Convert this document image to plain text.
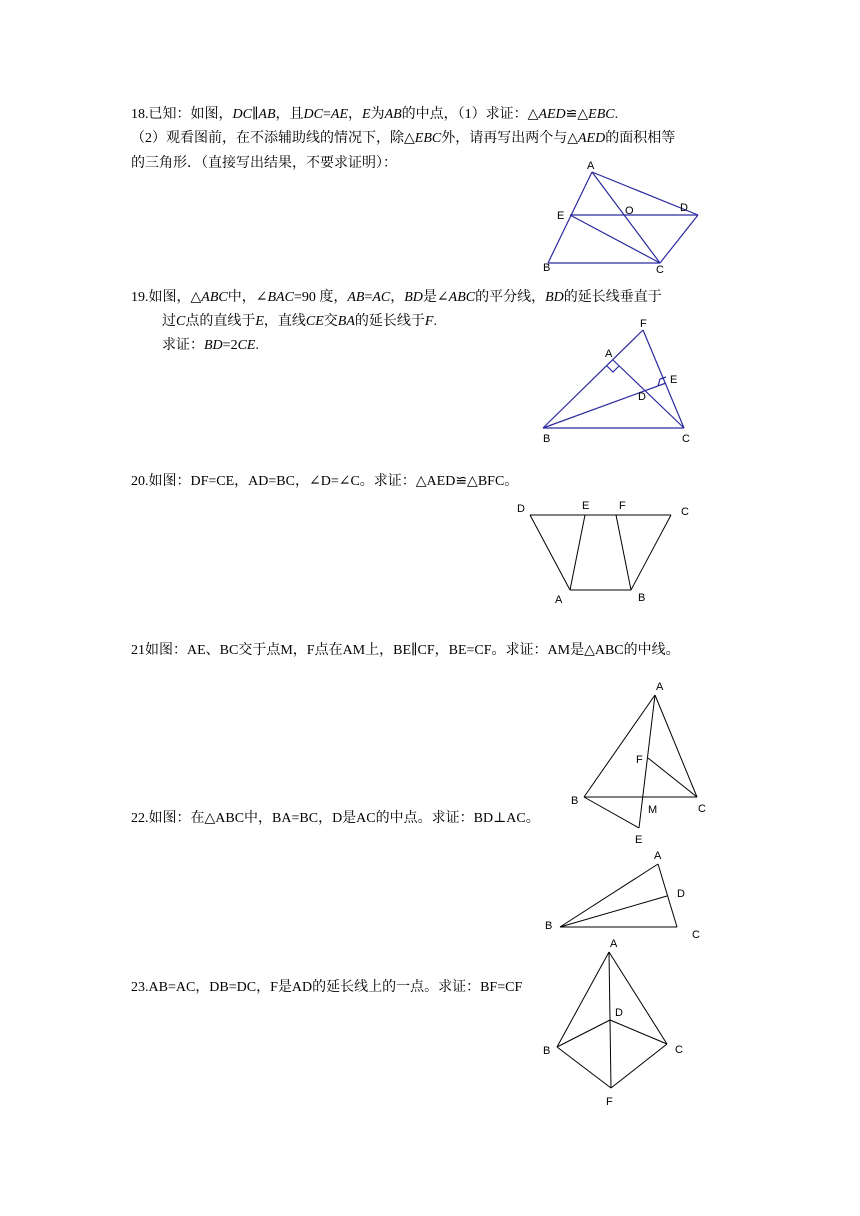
18.已知：如图，DC∥AB，且DC=AE，E为AB的中点，（1）求证：△AED≌△EBC.
（2）观看图前，在不添辅助线的情况下，除△EBC外，请再写出两个与△AED的面积相等
的三角形．（直接写出结果，不要求证明）：	A
D
O
E
B	C
19.如图，△ABC中，∠BAC=90 度，AB=AC，BD是∠ABC的平分线，BD的延长线垂直于
过C点的直线于E，直线CE交BA的延长线于F.
求证：BD=2CE.
F
A
E
D
B	C
20.如图：DF=CE，AD=BC，∠D=∠C。求证：△AED≌△BFC。
D	E	F	C
A	B
21如图：AE、BC交于点M，F点在AM上，BE∥CF，BE=CF。求证：AM是△ABC的中线。
A
F
B
C
M
E
22.如图：在△ABC中，BA=BC，D是AC的中点。求证：BD⊥AC。
A
D
B
C
23.AB=AC，DB=DC，F是AD的延长线上的一点。求证：BF=CF
A
D
B	C
F
